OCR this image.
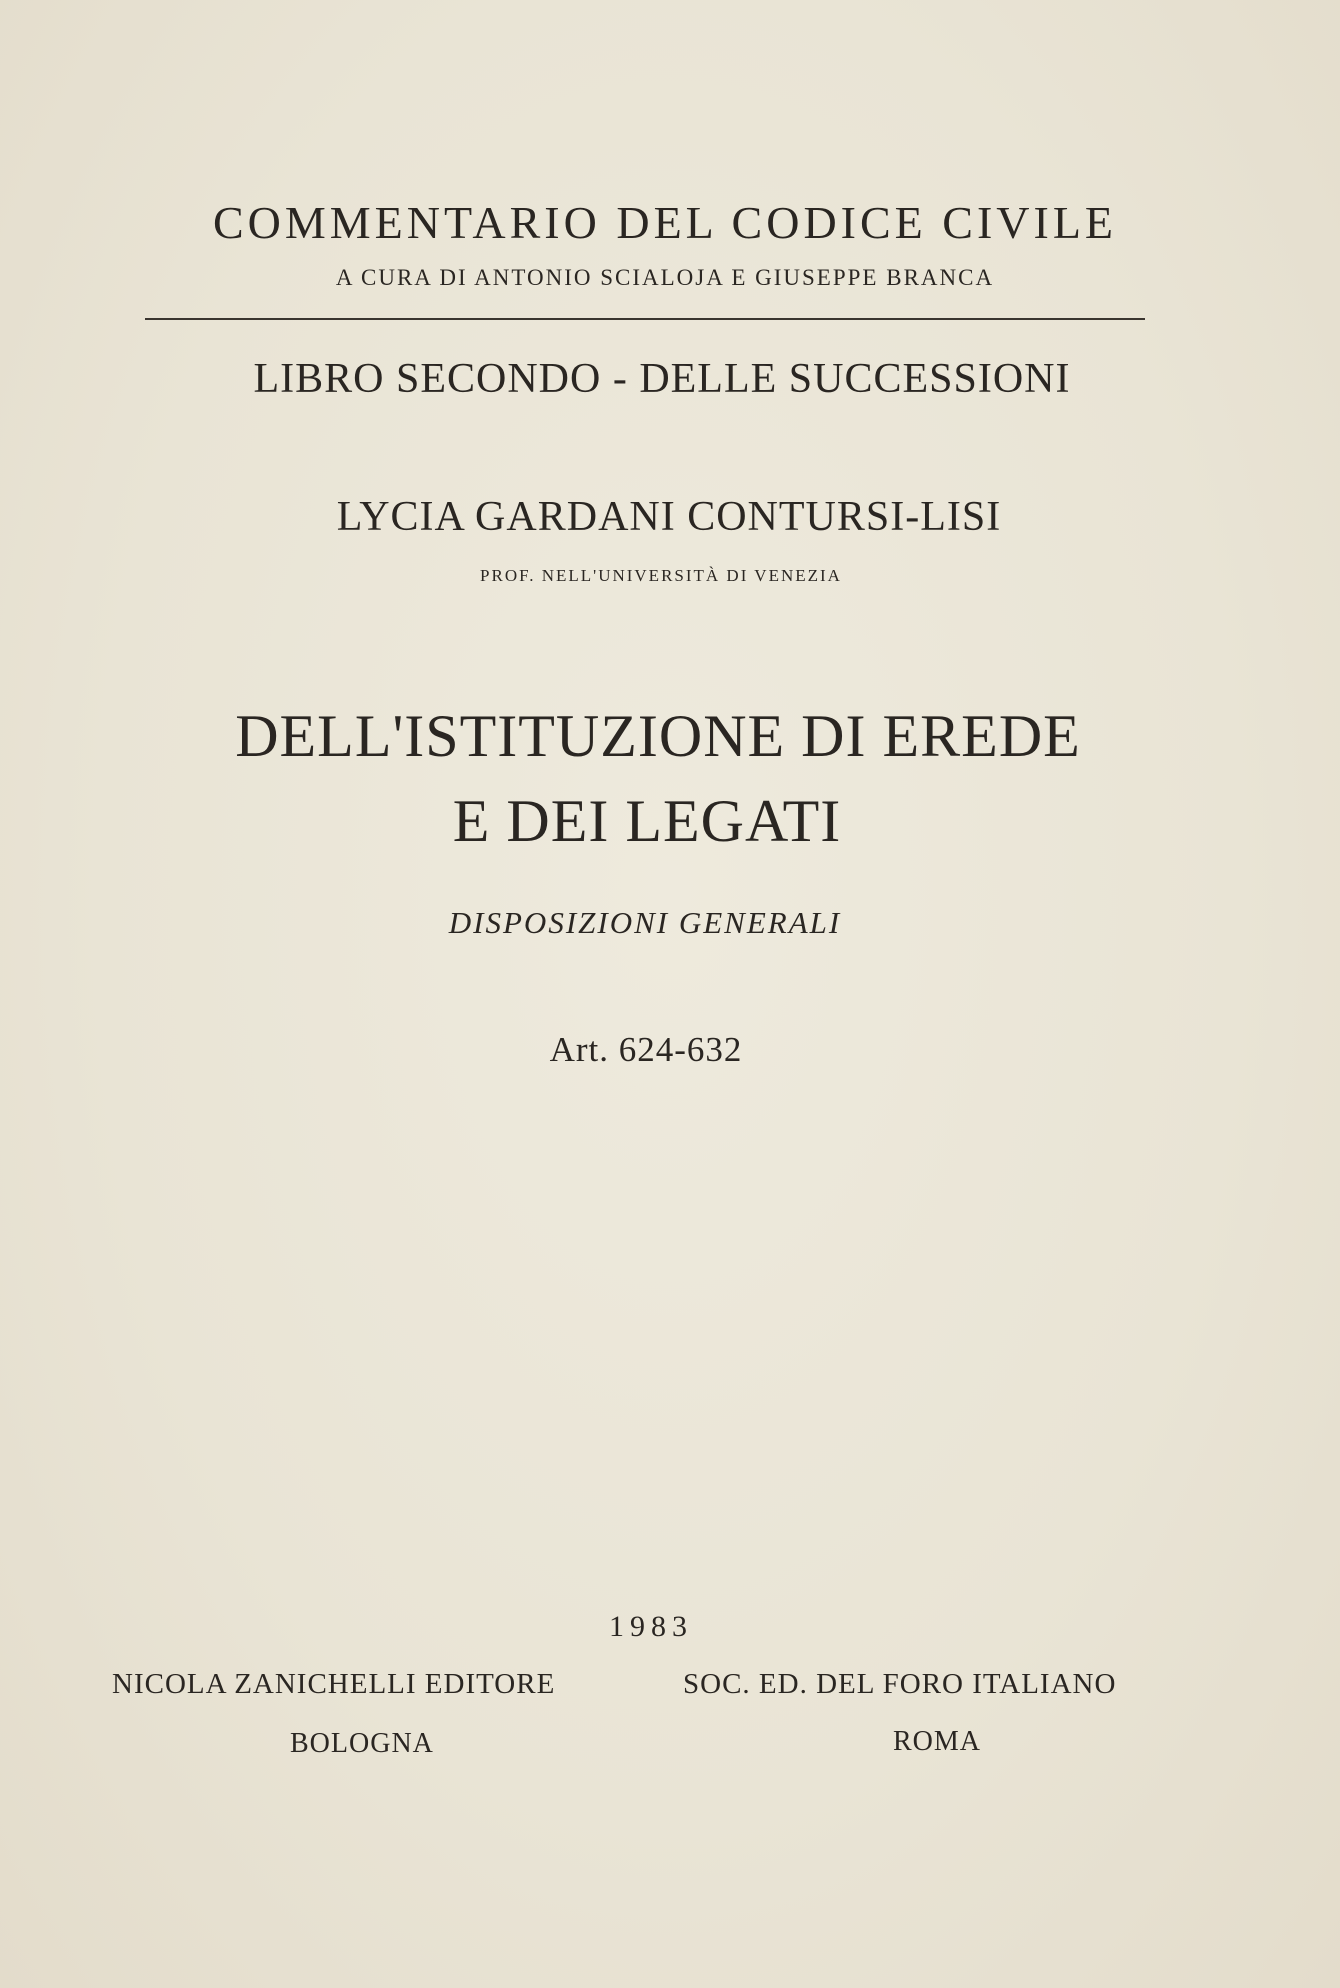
COMMENTARIO DEL CODICE CIVILE
A CURA DI ANTONIO SCIALOJA E GIUSEPPE BRANCA
LIBRO SECONDO - DELLE SUCCESSIONI
LYCIA GARDANI CONTURSI-LISI
PROF. NELL'UNIVERSITÀ DI VENEZIA
DELL'ISTITUZIONE DI EREDE
E DEI LEGATI
DISPOSIZIONI GENERALI
Art. 624-632
1983
NICOLA ZANICHELLI EDITORE	SOC. ED. DEL FORO ITALIANO
BOLOGNA	ROMA
